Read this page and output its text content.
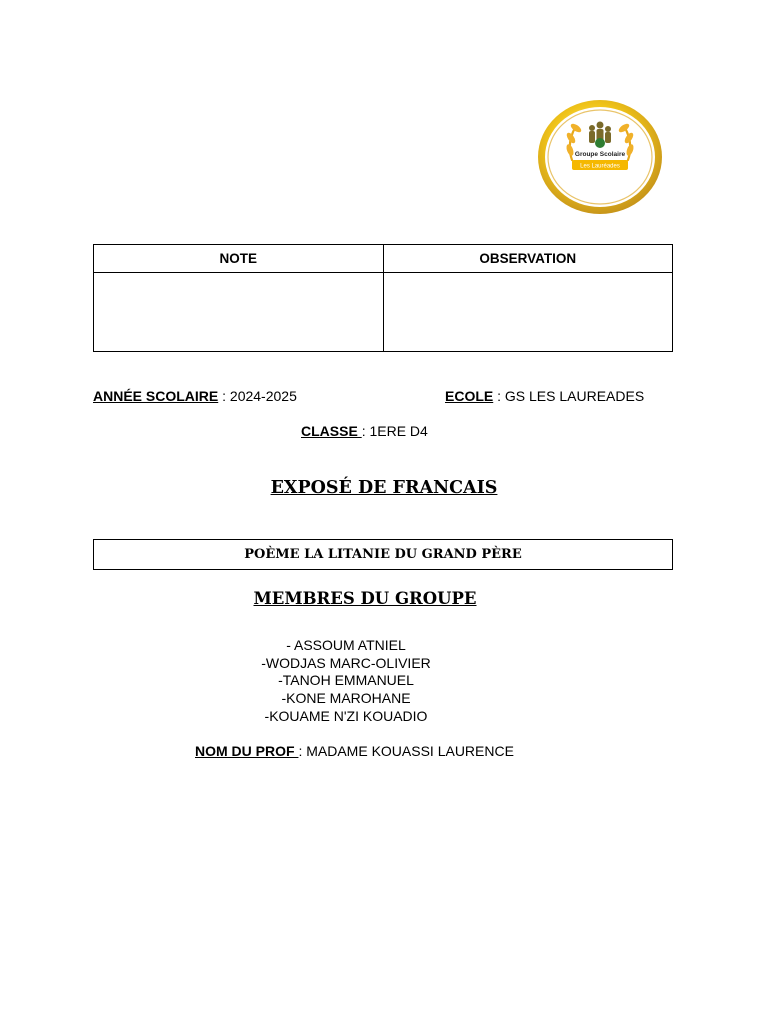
Groupe Scolaire
Les Lauréades
NOTE	OBSERVATION

ANNÉE SCOLAIRE : 2024-2025	ECOLE : GS LES LAUREADES
CLASSE : 1ERE D4
EXPOSÉ DE FRANCAIS
POÈME LA LITANIE DU GRAND PÈRE
MEMBRES DU GROUPE
- ASSOUM ATNIEL
-WODJAS MARC-OLIVIER
-TANOH EMMANUEL
-KONE MAROHANE
-KOUAME N'ZI KOUADIO
NOM DU PROF : MADAME KOUASSI LAURENCE
